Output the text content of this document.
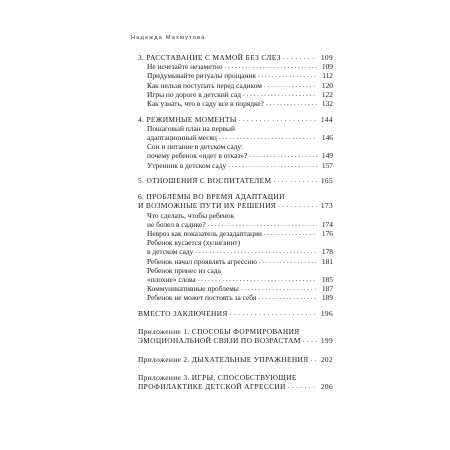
Надежда Махмутова
3. РАССТАВАНИЕ С МАМОЙ БЕЗ СЛЕЗ . . .	109
Не исчезайте незаметно . . .	109
Придумывайте ритуалы прощания . . .	112
Как нельзя поступать перед садиком . . .	120
Игры по дороге в детский сад . . .	122
Как узнать, что в саду все в порядке? . . .	132
4. РЕЖИМНЫЕ МОМЕНТЫ . . .	144
Пошаговый план на первый
адаптационный месяц . . .	146
Сон и питание в детском саду:
почему ребенок «идет в отказ»? . . .	149
Утренник в детском саду . . .	157
5. ОТНОШЕНИЯ С ВОСПИТАТЕЛЕМ . . .	165
6. ПРОБЛЕМЫ ВО ВРЕМЯ АДАПТАЦИИ
И ВОЗМОЖНЫЕ ПУТИ ИХ РЕШЕНИЯ . . .	173
Что сделать, чтобы ребенок
не болел в садике? . . .	174
Невроз как показатель дезадаптации . . .	176
Ребенок кусается (хулиганит)
в детском саду . . .	178
Ребенок начал проявлять агрессию . . .	181
Ребенок принес из сада
«плохие» слова . . .	185
Коммуникативные проблемы . . .	187
Ребенок не может постоять за себя . . .	189
ВМЕСТО ЗАКЛЮЧЕНИЯ . . .	196
Приложение 1. СПОСОБЫ ФОРМИРОВАНИЯ
ЭМОЦИОНАЛЬНОЙ СВЯЗИ ПО ВОЗРАСТАМ . . .	199
Приложение 2. ДЫХАТЕЛЬНЫЕ УПРАЖНЕНИЯ . . . 202
Приложение 3. ИГРЫ, СПОСОБСТВУЮЩИЕ
ПРОФИЛАКТИКЕ ДЕТСКОЙ АГРЕССИИ . . .	206
